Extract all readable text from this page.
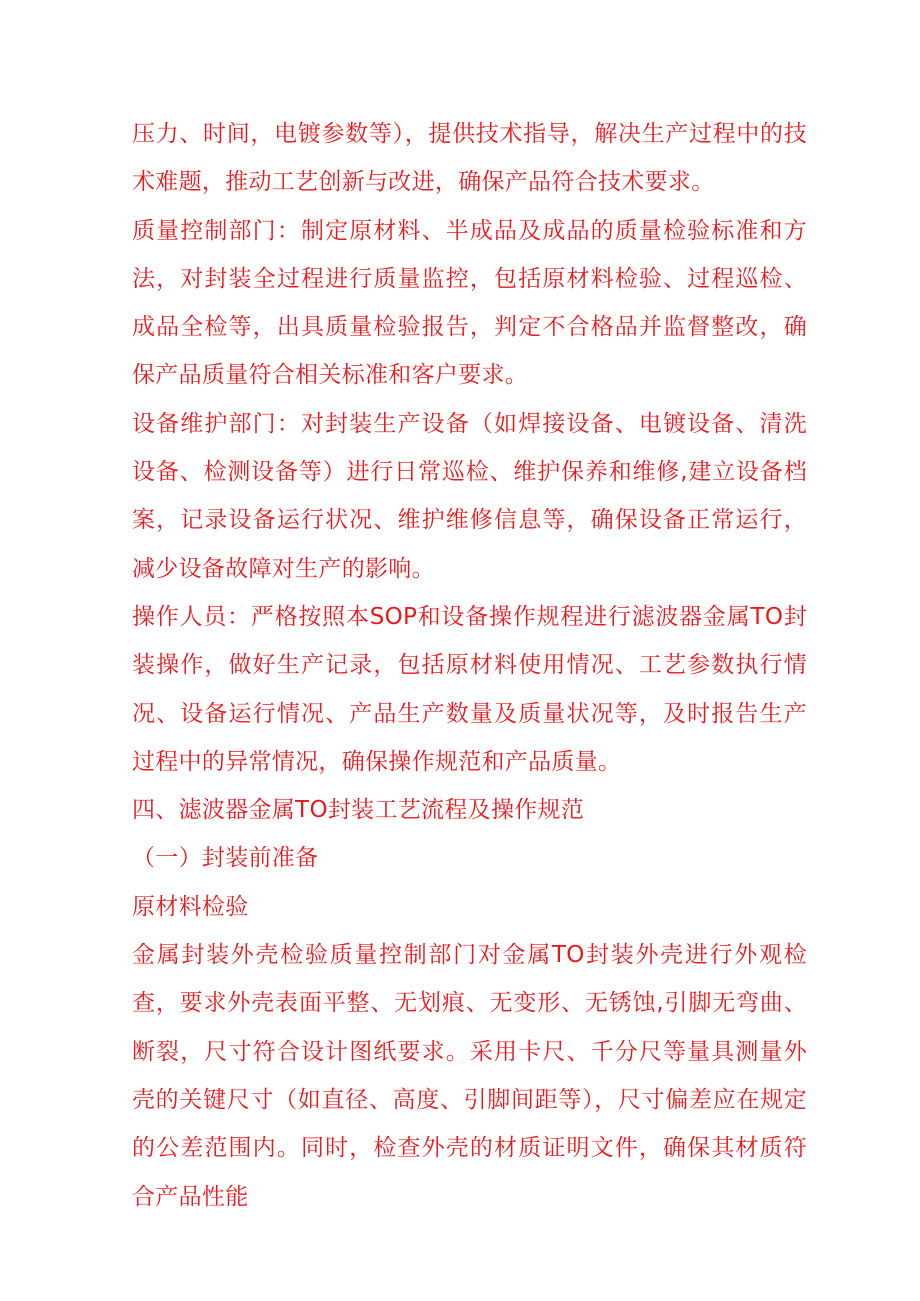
压力、时间，电镀参数等），提供技术指导，解决生产过程中的技术难题，推动工艺创新与改进，确保产品符合技术要求。

质量控制部门：制定原材料、半成品及成品的质量检验标准和方法，对封装全过程进行质量监控，包括原材料检验、过程巡检、成品全检等，出具质量检验报告，判定不合格品并监督整改，确保产品质量符合相关标准和客户要求。

设备维护部门：对封装生产设备（如焊接设备、电镀设备、清洗设备、检测设备等）进行日常巡检、维护保养和维修,建立设备档案，记录设备运行状况、维护维修信息等，确保设备正常运行，减少设备故障对生产的影响。

操作人员：严格按照本SOP和设备操作规程进行滤波器金属TO封装操作，做好生产记录，包括原材料使用情况、工艺参数执行情况、设备运行情况、产品生产数量及质量状况等，及时报告生产过程中的异常情况，确保操作规范和产品质量。

四、滤波器金属TO封装工艺流程及操作规范

（一）封装前准备

原材料检验

金属封装外壳检验质量控制部门对金属TO封装外壳进行外观检查，要求外壳表面平整、无划痕、无变形、无锈蚀,引脚无弯曲、断裂，尺寸符合设计图纸要求。采用卡尺、千分尺等量具测量外壳的关键尺寸（如直径、高度、引脚间距等），尺寸偏差应在规定的公差范围内。同时，检查外壳的材质证明文件，确保其材质符合产品性能
